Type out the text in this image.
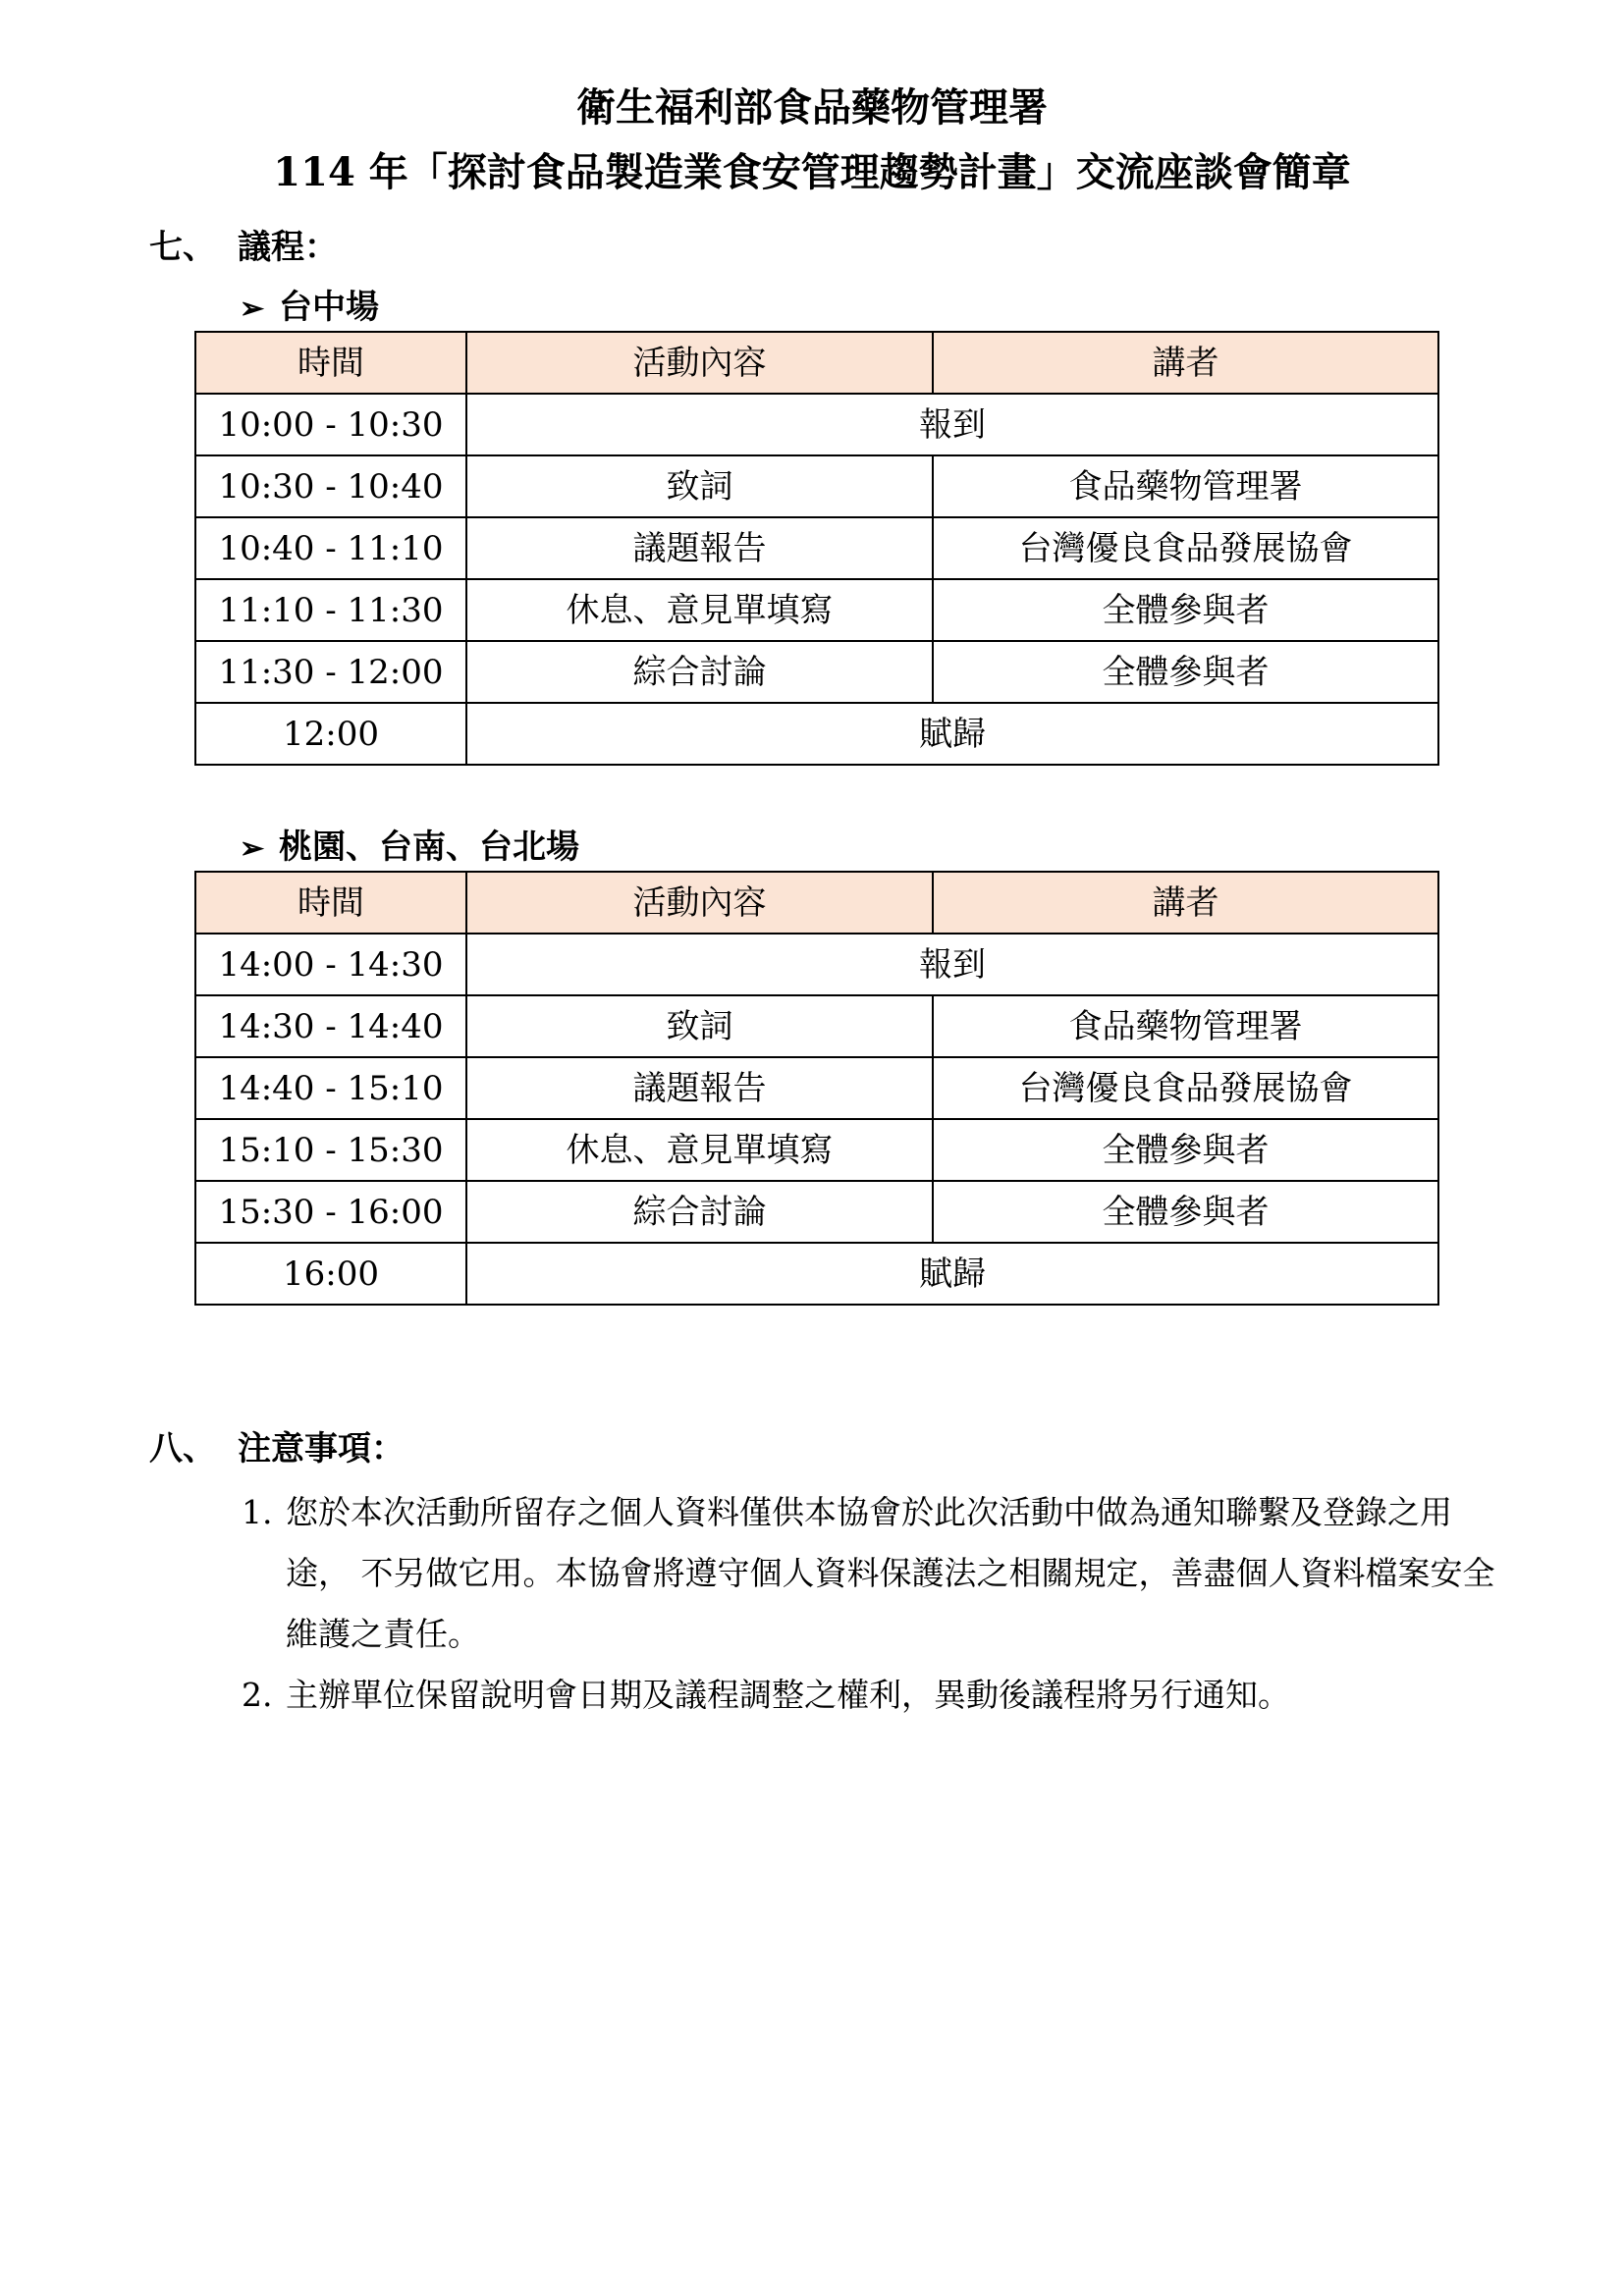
衛生福利部食品藥物管理署
114 年「探討食品製造業食安管理趨勢計畫」交流座談會簡章
七、 議程：
➢ 台中場
時間	活動內容	講者
10:00 - 10:30	報到	
10:30 - 10:40	致詞	食品藥物管理署
10:40 - 11:10	議題報告	台灣優良食品發展協會
11:10 - 11:30	休息、意見單填寫	全體參與者
11:30 - 12:00	綜合討論	全體參與者
12:00	賦歸	
➢ 桃園、台南、台北場
時間	活動內容	講者
14:00 - 14:30	報到	
14:30 - 14:40	致詞	食品藥物管理署
14:40 - 15:10	議題報告	台灣優良食品發展協會
15:10 - 15:30	休息、意見單填寫	全體參與者
15:30 - 16:00	綜合討論	全體參與者
16:00	賦歸	
八、 注意事項：
1. 您於本次活動所留存之個人資料僅供本協會於此次活動中做為通知聯繫及登錄之用途， 不另做它用。本協會將遵守個人資料保護法之相關規定，善盡個人資料檔案安全維護之責任。
2. 主辦單位保留說明會日期及議程調整之權利，異動後議程將另行通知。
